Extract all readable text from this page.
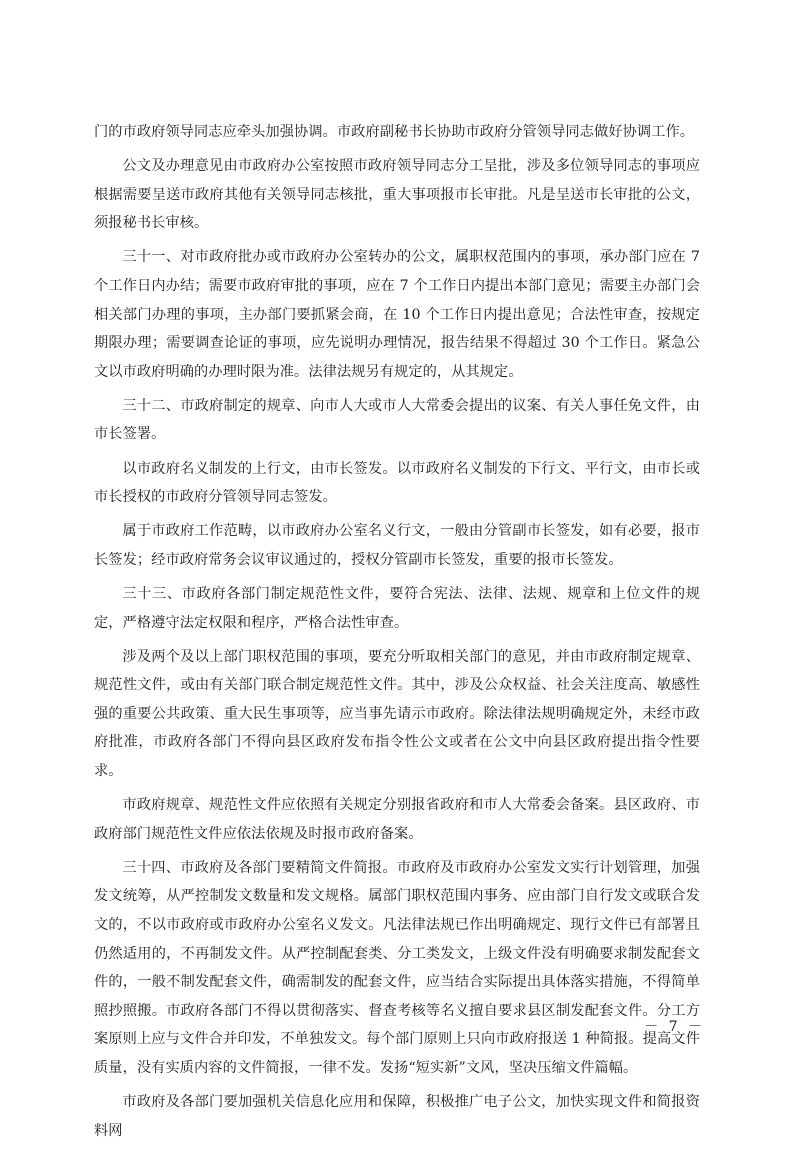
门的市政府领导同志应牵头加强协调。市政府副秘书长协助市政府分管领导同志做好协调工作。

公文及办理意见由市政府办公室按照市政府领导同志分工呈批，涉及多位领导同志的事项应根据需要呈送市政府其他有关领导同志核批，重大事项报市长审批。凡是呈送市长审批的公文，须报秘书长审核。

三十一、对市政府批办或市政府办公室转办的公文，属职权范围内的事项，承办部门应在 7 个工作日内办结；需要市政府审批的事项，应在 7 个工作日内提出本部门意见；需要主办部门会相关部门办理的事项，主办部门要抓紧会商，在 10 个工作日内提出意见；合法性审查，按规定期限办理；需要调查论证的事项，应先说明办理情况，报告结果不得超过 30 个工作日。紧急公文以市政府明确的办理时限为准。法律法规另有规定的，从其规定。

三十二、市政府制定的规章、向市人大或市人大常委会提出的议案、有关人事任免文件，由市长签署。

以市政府名义制发的上行文，由市长签发。以市政府名义制发的下行文、平行文，由市长或市长授权的市政府分管领导同志签发。

属于市政府工作范畴，以市政府办公室名义行文，一般由分管副市长签发，如有必要，报市长签发；经市政府常务会议审议通过的，授权分管副市长签发，重要的报市长签发。

三十三、市政府各部门制定规范性文件，要符合宪法、法律、法规、规章和上位文件的规定，严格遵守法定权限和程序，严格合法性审查。

涉及两个及以上部门职权范围的事项，要充分听取相关部门的意见，并由市政府制定规章、规范性文件，或由有关部门联合制定规范性文件。其中，涉及公众权益、社会关注度高、敏感性强的重要公共政策、重大民生事项等，应当事先请示市政府。除法律法规明确规定外，未经市政府批准，市政府各部门不得向县区政府发布指令性公文或者在公文中向县区政府提出指令性要求。

市政府规章、规范性文件应依照有关规定分别报省政府和市人大常委会备案。县区政府、市政府部门规范性文件应依法依规及时报市政府备案。

三十四、市政府及各部门要精简文件简报。市政府及市政府办公室发文实行计划管理，加强发文统筹，从严控制发文数量和发文规格。属部门职权范围内事务、应由部门自行发文或联合发文的，不以市政府或市政府办公室名义发文。凡法律法规已作出明确规定、现行文件已有部署且仍然适用的，不再制发文件。从严控制配套类、分工类发文，上级文件没有明确要求制发配套文件的，一般不制发配套文件，确需制发的配套文件，应当结合实际提出具体落实措施，不得简单照抄照搬。市政府各部门不得以贯彻落实、督查考核等名义擅自要求县区制发配套文件。分工方案原则上应与文件合并印发，不单独发文。每个部门原则上只向市政府报送 1 种简报。提高文件质量，没有实质内容的文件简报，一律不发。发扬“短实新”文风，坚决压缩文件篇幅。

市政府及各部门要加强机关信息化应用和保障，积极推广电子公文，加快实现文件和简报资料网

－ 7 －
